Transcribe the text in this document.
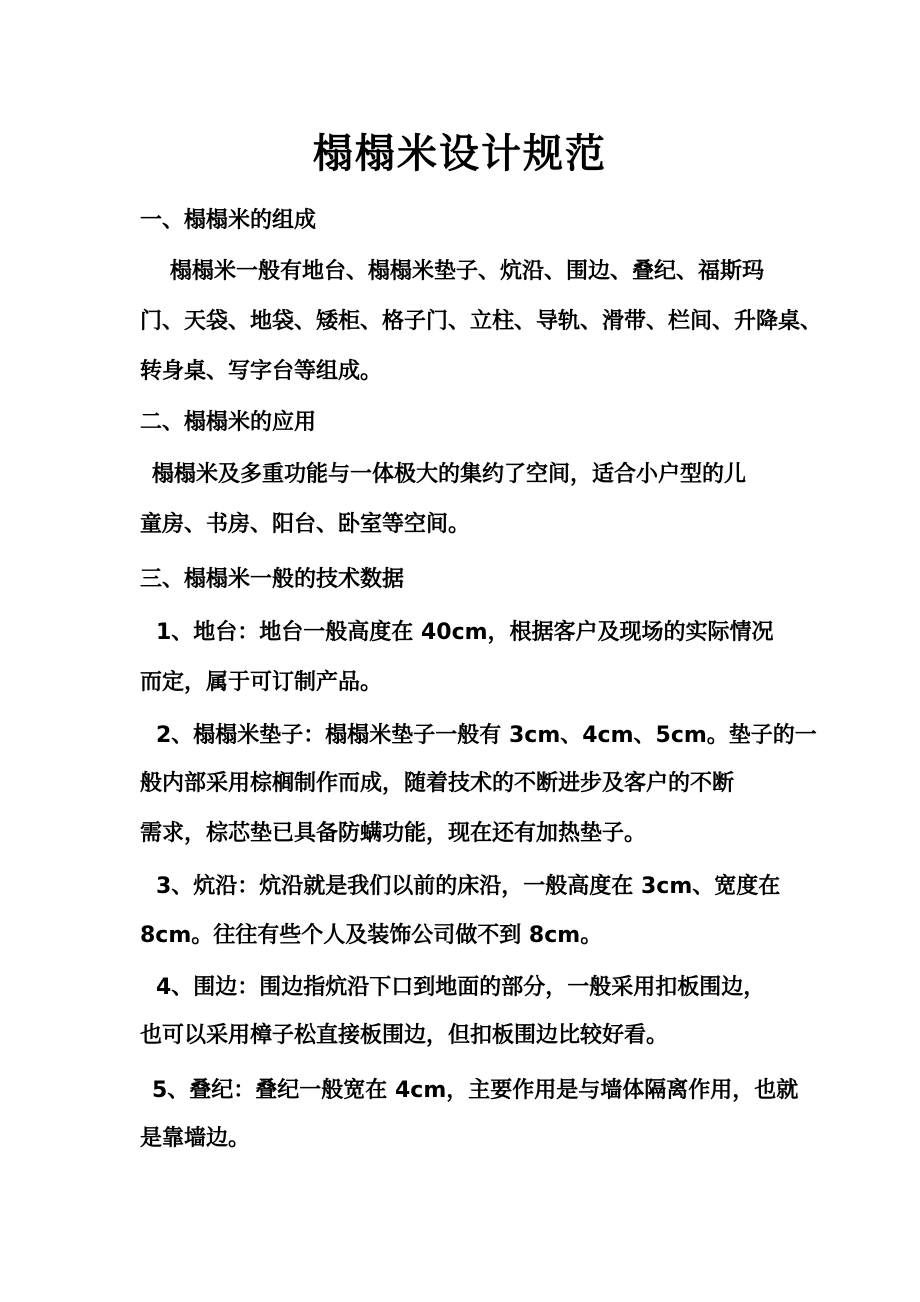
榻榻米设计规范
一、榻榻米的组成
榻榻米一般有地台、榻榻米垫子、炕沿、围边、叠纪、福斯玛
门、天袋、地袋、矮柜、格子门、立柱、导轨、滑带、栏间、升降桌、
转身桌、写字台等组成。
二、榻榻米的应用
榻榻米及多重功能与一体极大的集约了空间，适合小户型的儿
童房、书房、阳台、卧室等空间。
三、榻榻米一般的技术数据
1、地台：地台一般高度在 40cm，根据客户及现场的实际情况
而定，属于可订制产品。
2、榻榻米垫子：榻榻米垫子一般有 3cm、4cm、5cm。垫子的一
般内部采用棕榈制作而成，随着技术的不断进步及客户的不断
需求，棕芯垫已具备防螨功能，现在还有加热垫子。
3、炕沿：炕沿就是我们以前的床沿，一般高度在 3cm、宽度在
8cm。往往有些个人及装饰公司做不到 8cm。
4、围边：围边指炕沿下口到地面的部分，一般采用扣板围边，
也可以采用樟子松直接板围边，但扣板围边比较好看。
5、叠纪：叠纪一般宽在 4cm，主要作用是与墙体隔离作用，也就
是靠墙边。
